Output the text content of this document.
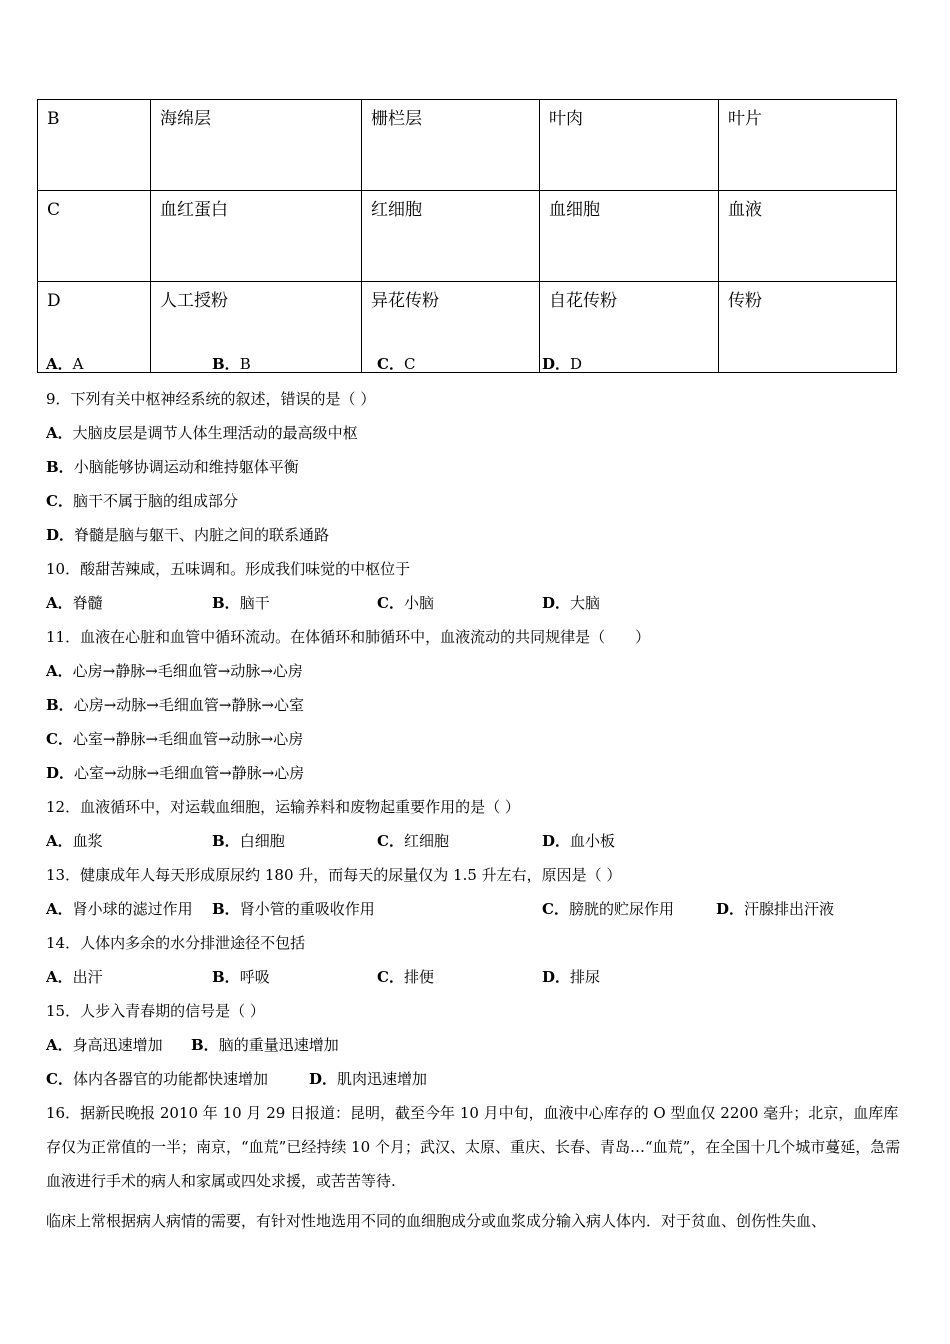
B	海绵层	栅栏层	叶肉	叶片
C	血红蛋白	红细胞	血细胞	血液
D	人工授粉	异花传粉	自花传粉	传粉
A．A	B．B	C．C	D．D
9．下列有关中枢神经系统的叙述，错误的是（ ）
A．大脑皮层是调节人体生理活动的最高级中枢
B．小脑能够协调运动和维持躯体平衡
C．脑干不属于脑的组成部分
D．脊髓是脑与躯干、内脏之间的联系通路
10．酸甜苦辣咸，五味调和。形成我们味觉的中枢位于
A．脊髓	B．脑干	C．小脑	D．大脑
11．血液在心脏和血管中循环流动。在体循环和肺循环中，血液流动的共同规律是（　　）
A．心房→静脉→毛细血管→动脉→心房
B．心房→动脉→毛细血管→静脉→心室
C．心室→静脉→毛细血管→动脉→心房
D．心室→动脉→毛细血管→静脉→心房
12．血液循环中，对运载血细胞，运输养料和废物起重要作用的是（ ）
A．血浆	B．白细胞	C．红细胞	D．血小板
13．健康成年人每天形成原尿约 180 升，而每天的尿量仅为 1.5 升左右，原因是（ ）
A．肾小球的滤过作用 B．肾小管的重吸收作用	C．膀胱的贮尿作用	D．汗腺排出汗液
14．人体内多余的水分排泄途径不包括
A．出汗	B．呼吸	C．排便	D．排尿
15．人步入青春期的信号是（ ）
A．身高迅速增加 B．脑的重量迅速增加
C．体内各器官的功能都快速增加	D．肌肉迅速增加
16．据新民晚报 2010 年 10 月 29 日报道：昆明，截至今年 10 月中旬，血液中心库存的 O 型血仅 2200 毫升；北京，血库库存仅为正常值的一半；南京，“血荒”已经持续 10 个月；武汉、太原、重庆、长春、青岛…“血荒”，在全国十几个城市蔓延，急需血液进行手术的病人和家属或四处求援，或苦苦等待.
临床上常根据病人病情的需要，有针对性地选用不同的血细胞成分或血浆成分输入病人体内．对于贫血、创伤性失血、
